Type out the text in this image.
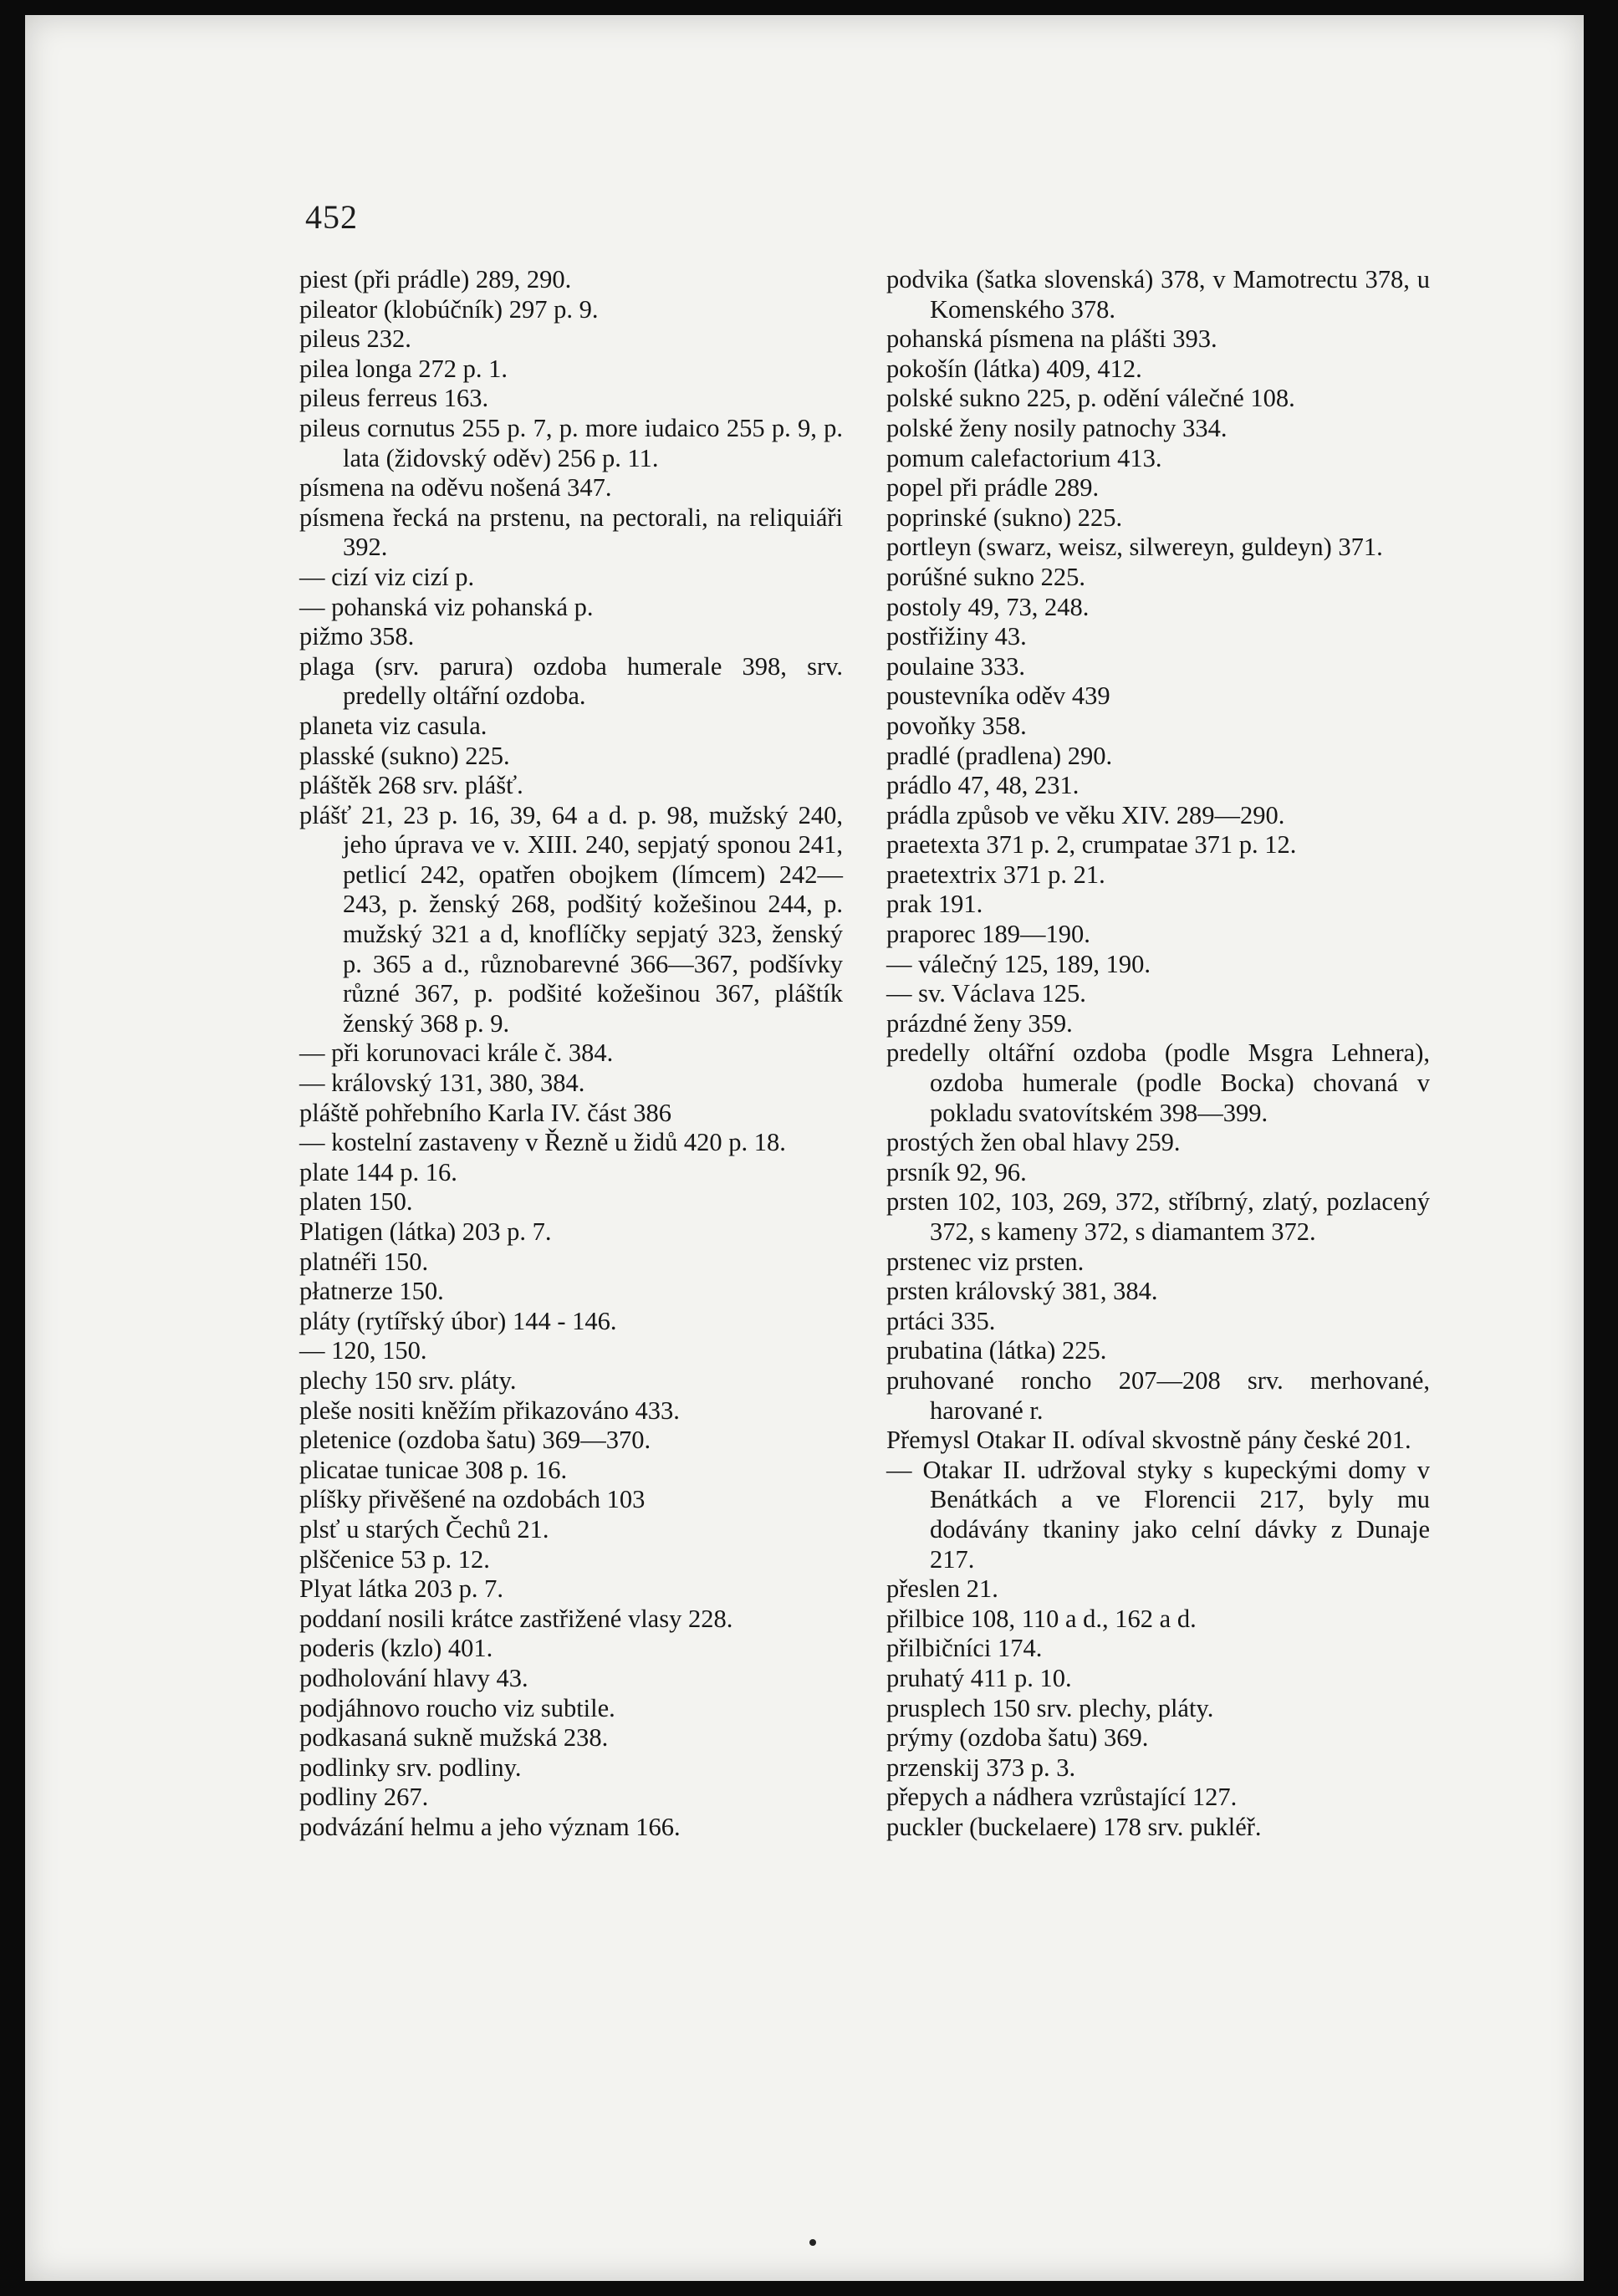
452

piest (při prádle) 289, 290.

pileator (klobúčník) 297 p. 9.

pileus 232.

pilea longa 272 p. 1.

pileus ferreus 163.

pileus cornutus 255 p. 7, p. more iudaico 255 p. 9, p. lata (židovský oděv) 256 p. 11.

písmena na oděvu nošená 347.

písmena řecká na prstenu, na pectorali, na reliquiáři 392.

— cizí viz cizí p.

— pohanská viz pohanská p.

pižmo 358.

plaga (srv. parura) ozdoba humerale 398, srv. predelly oltářní ozdoba.

planeta viz casula.

plasské (sukno) 225.

pláštěk 268 srv. plášť.

plášť 21, 23 p. 16, 39, 64 a d. p. 98, mužský 240, jeho úprava ve v. XIII. 240, sepjatý sponou 241, petlicí 242, opatřen obojkem (límcem) 242—243, p. ženský 268, podšitý kožešinou 244, p. mužský 321 a d, knoflíčky sepjatý 323, ženský p. 365 a d., různobarevné 366—367, podšívky různé 367, p. podšité kožešinou 367, pláštík ženský 368 p. 9.

— při korunovaci krále č. 384.

— královský 131, 380, 384.

pláště pohřebního Karla IV. část 386

— kostelní zastaveny v Řezně u židů 420 p. 18.

plate 144 p. 16.

platen 150.

Platigen (látka) 203 p. 7.

platnéři 150.

płatnerze 150.

pláty (rytířský úbor) 144 - 146.

— 120, 150.

plechy 150 srv. pláty.

pleše nositi kněžím přikazováno 433.

pletenice (ozdoba šatu) 369—370.

plicatae tunicae 308 p. 16.

plíšky přivěšené na ozdobách 103

plsť u starých Čechů 21.

plščenice 53 p. 12.

Plyat látka 203 p. 7.

poddaní nosili krátce zastřižené vlasy 228.

poderis (kzlo) 401.

podholování hlavy 43.

podjáhnovo roucho viz subtile.

podkasaná sukně mužská 238.

podlinky srv. podliny.

podliny 267.

podvázání helmu a jeho význam 166.

podvika (šatka slovenská) 378, v Mamotrectu 378, u Komenského 378.

pohanská písmena na plášti 393.

pokošín (látka) 409, 412.

polské sukno 225, p. odění válečné 108.

polské ženy nosily patnochy 334.

pomum calefactorium 413.

popel při prádle 289.

poprinské (sukno) 225.

portleyn (swarz, weisz, silwereyn, guldeyn) 371.

porúšné sukno 225.

postoly 49, 73, 248.

postřižiny 43.

poulaine 333.

poustevníka oděv 439

povoňky 358.

pradlé (pradlena) 290.

prádlo 47, 48, 231.

prádla způsob ve věku XIV. 289—290.

praetexta 371 p. 2, crumpatae 371 p. 12.

praetextrix 371 p. 21.

prak 191.

praporec 189—190.

— válečný 125, 189, 190.

— sv. Václava 125.

prázdné ženy 359.

predelly oltářní ozdoba (podle Msgra Lehnera), ozdoba humerale (podle Bocka) chovaná v pokladu svatovítském 398—399.

prostých žen obal hlavy 259.

prsník 92, 96.

prsten 102, 103, 269, 372, stříbrný, zlatý, pozlacený 372, s kameny 372, s diamantem 372.

prstenec viz prsten.

prsten královský 381, 384.

prtáci 335.

prubatina (látka) 225.

pruhované roncho 207—208 srv. merhované, harované r.

Přemysl Otakar II. odíval skvostně pány české 201.

— Otakar II. udržoval styky s kupeckými domy v Benátkách a ve Florencii 217, byly mu dodávány tkaniny jako celní dávky z Dunaje 217.

přeslen 21.

přilbice 108, 110 a d., 162 a d.

přilbičníci 174.

pruhatý 411 p. 10.

prusplech 150 srv. plechy, pláty.

prýmy (ozdoba šatu) 369.

przenskij 373 p. 3.

přepych a nádhera vzrůstající 127.

puckler (buckelaere) 178 srv. pukléř.
